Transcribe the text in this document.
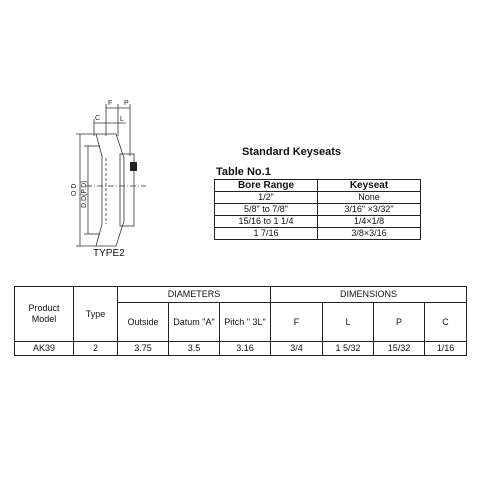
C
F
L
P
O D D.D(P.D)
TYPE2
Standard Keyseats
Table No.1
Bore Range	Keyseat
1/2"	None
5/8" to 7/8"	3/16" ×3/32"
15/16 to 1 1/4	1/4×1/8
1 7/16	3/8×3/16
Product Model	Type	DIAMETERS			DIMENSIONS			
		Outside	Datum "A"	Pitch " 3L"	F	L	P	C
AK39	2	3.75	3.5	3.16	3/4	1 5/32	15/32	1/16
